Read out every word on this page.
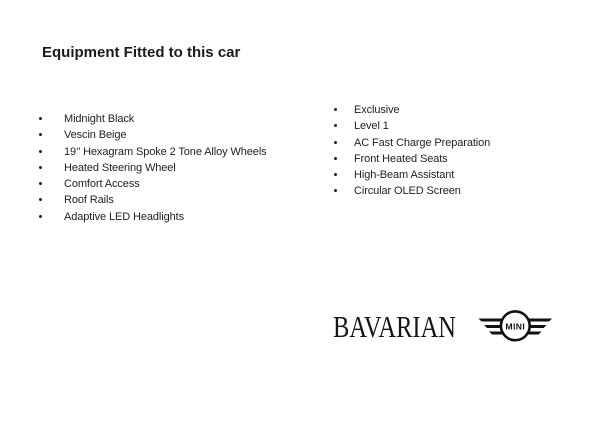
Equipment Fitted to this car
Midnight Black
Vescin Beige
19’’ Hexagram Spoke 2 Tone Alloy Wheels
Heated Steering Wheel
Comfort Access
Roof Rails
Adaptive LED Headlights
Exclusive
Level 1
AC Fast Charge Preparation
Front Heated Seats
High-Beam Assistant
Circular OLED Screen
BAVARIAN	MINI
